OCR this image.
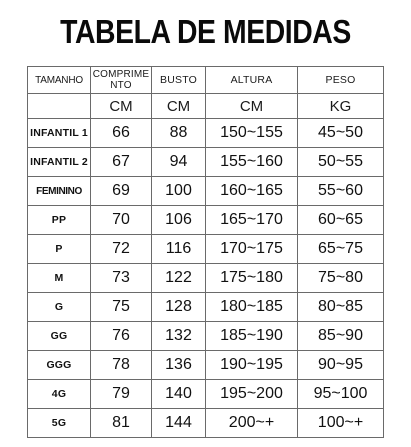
TABELA DE MEDIDAS
TAMANHO	COMPRIMENTO	BUSTO	ALTURA	PESO
	CM	CM	CM	KG
INFANTIL 1	66	88	150~155	45~50
INFANTIL 2	67	94	155~160	50~55
FEMININO	69	100	160~165	55~60
PP	70	106	165~170	60~65
P	72	116	170~175	65~75
M	73	122	175~180	75~80
G	75	128	180~185	80~85
GG	76	132	185~190	85~90
GGG	78	136	190~195	90~95
4G	79	140	195~200	95~100
5G	81	144	200~+	100~+
